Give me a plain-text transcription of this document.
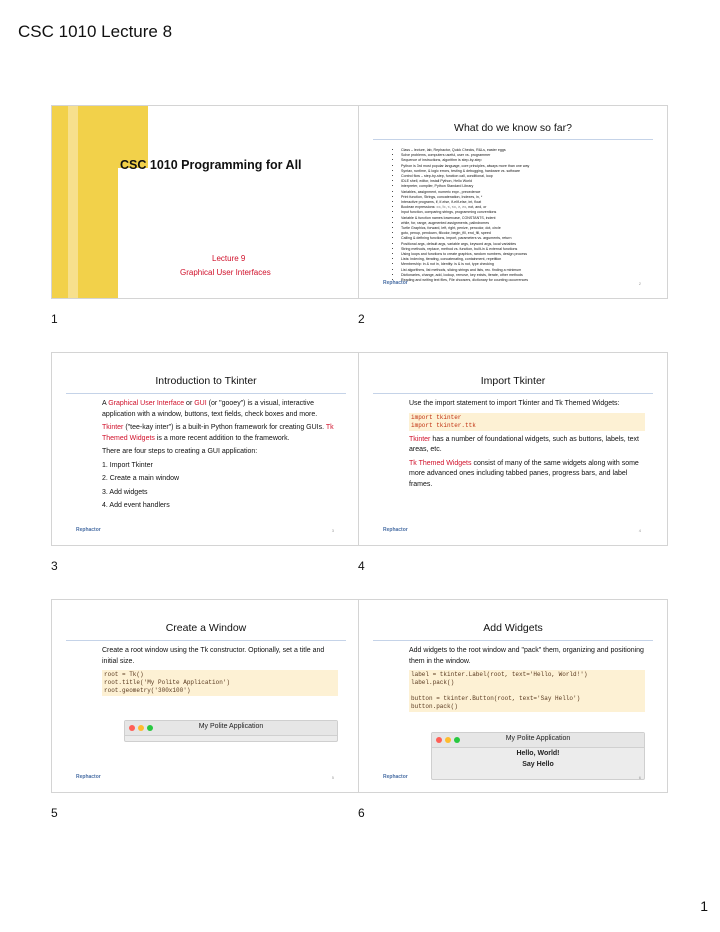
CSC 1010 Lecture 8
CSC 1010 Programming for All
Lecture 9
Graphical User Interfaces
1
What do we know so far?
• Class – lecture, lab, Rephactor, Quick Checks, R&Ls, easter eggs
• Solve problems, computers useful, user vs. programmer
• Sequence of instructions, algorithm is step-by-step
• Python is 3rd most popular language, core principles, always more than one way
• Syntax, runtime, & logic errors, testing & debugging, hardware vs. software
• Control flow – step-by-step, function call, conditional, loop
• IDLE shell, editor, install Python, Hello World
• interpreter, compiler, Python Standard Library
• Variables, assignment, numeric expr., precedence
• Print function, Strings, concatenation, Indexes, in, *
• Interactive programs, if, if-else, if-elif-else, int, float
• Boolean expressions: ==, !=, <, <=, >, >=, not, and, or
• Input function, comparing strings, programming conventions
• Variable & function names lowercase, CONSTANTS, indent
• while, for, range, augmented assignments, palindromes
• Turtle Graphics, forward, left, right, penize, pencolor, dot, circle
• goto, penup, pendown, fillcolor, begin_fill, end_fill, speed
• Calling & defining functions, import, parameters vs. arguments, return
• Positional args, default args, variable args, keyword args, local variables
• String methods, replace, method vs. function, built-in & external functions
• Using loops and functions to create graphics, random numbers, design process
• Lists: indexing, iterating, concatenating, containment, repetition
• Membership: in & not in, Identity: is & is not, type checking
• List algorithms, list methods, slicing strings and lists, rec. finding a minimum
• Dictionaries, change, add, lookup, remove, key exists, iterate, other methods
• Reading and writing text files, File choosers, dictionary for counting occurrences
Rephactor	2
2
Introduction to Tkinter

A Graphical User Interface or GUI (or "gooey") is a visual, interactive application with a window, buttons, text fields, check boxes and more.

Tkinter ("tee-kay inter") is a built-in Python framework for creating GUIs. Tk Themed Widgets is a more recent addition to the framework.

There are four steps to creating a GUI application:

1. Import Tkinter
2. Create a main window
3. Add widgets
4. Add event handlers
Rephactor	3
3
Import Tkinter

Use the import statement to import Tkinter and Tk Themed Widgets:

import tkinter
import tkinter.ttk

Tkinter has a number of foundational widgets, such as buttons, labels, text areas, etc.

Tk Themed Widgets consist of many of the same widgets along with some more advanced ones including tabbed panes, progress bars, and label frames.

Rephactor	4
4
Create a Window

Create a root window using the Tk constructor. Optionally, set a title and initial size.

root = Tk()
root.title('My Polite Application')
root.geometry('300x100')
My Polite Application
Rephactor	5
5
Add Widgets

Add widgets to the root window and "pack" them, organizing and positioning them in the window.

label = tkinter.Label(root, text='Hello, World!')
label.pack()

button = tkinter.Button(root, text='Say Hello')
button.pack()
My Polite Application
Hello, World!
Say Hello
Rephactor	6
6
1
